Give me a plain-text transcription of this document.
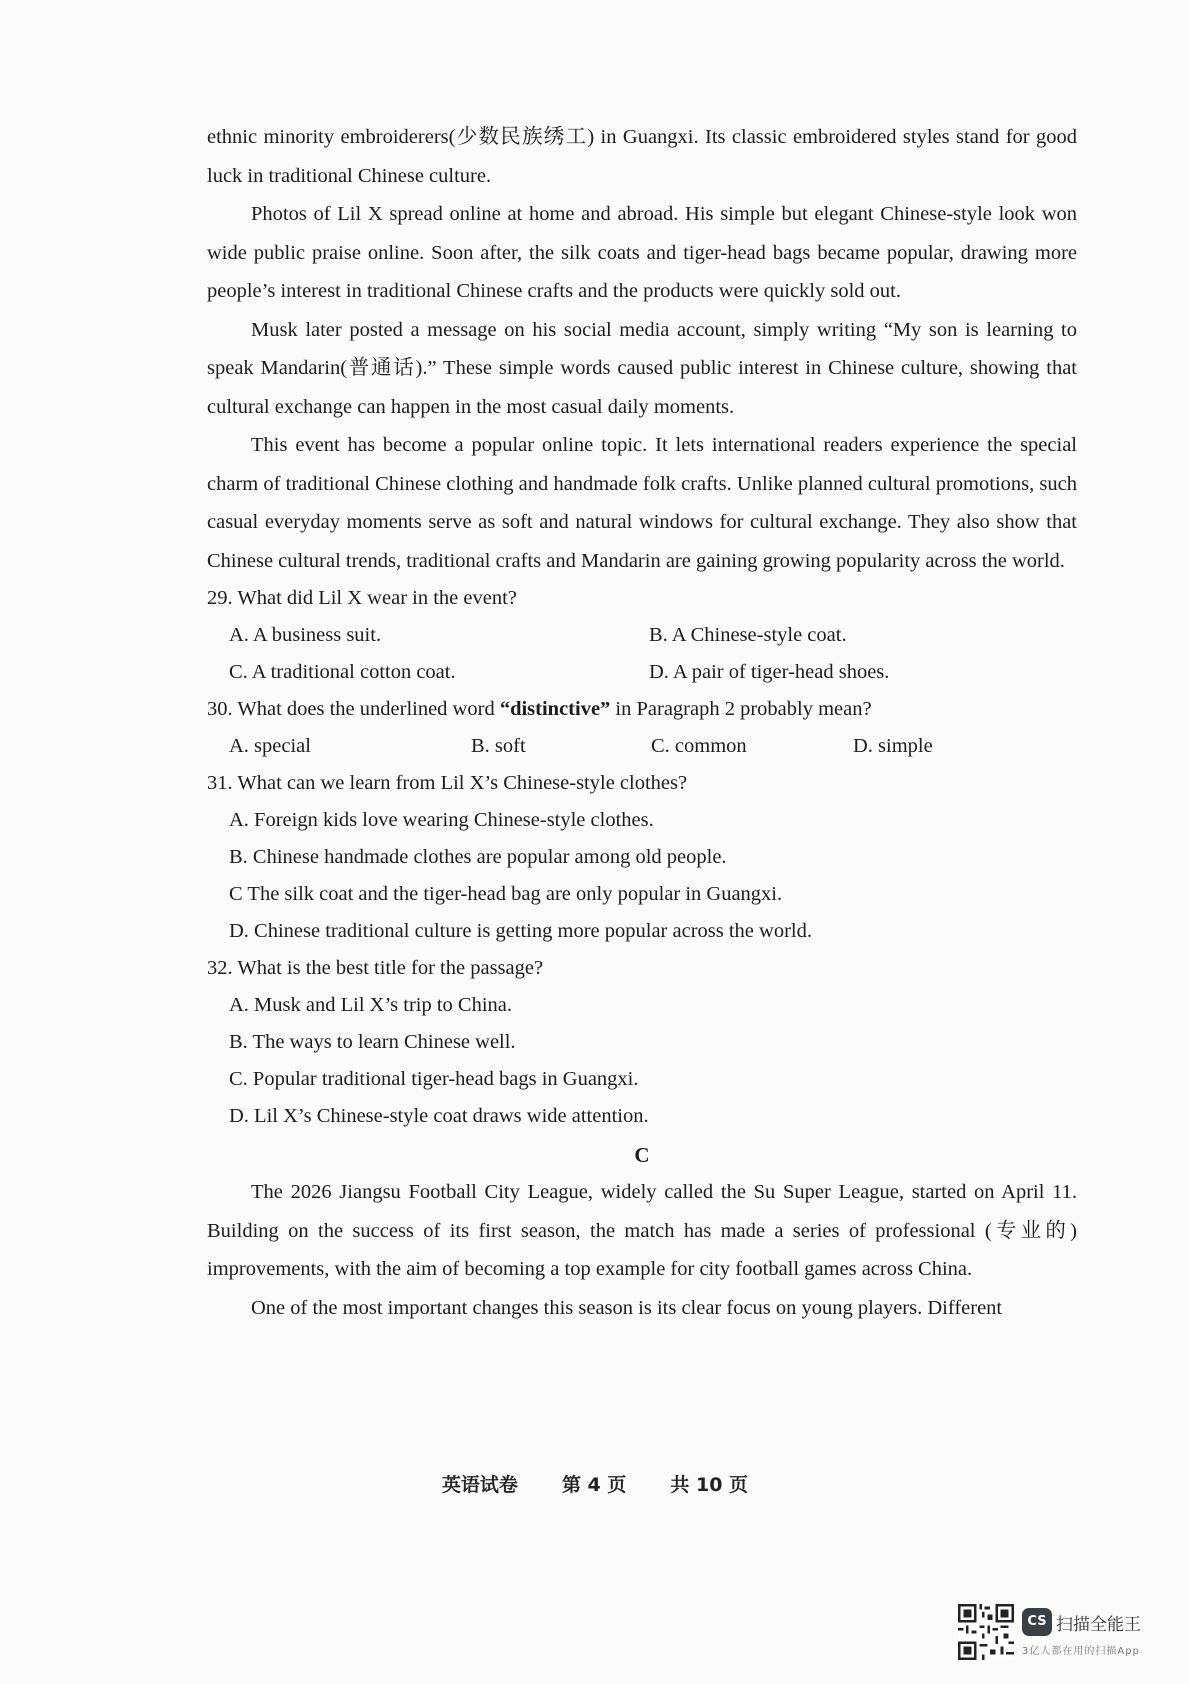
ethnic minority embroiderers(少数民族绣工) in Guangxi. Its classic embroidered styles stand for good luck in traditional Chinese culture.

Photos of Lil X spread online at home and abroad. His simple but elegant Chinese-style look won wide public praise online. Soon after, the silk coats and tiger-head bags became popular, drawing more people’s interest in traditional Chinese crafts and the products were quickly sold out.

Musk later posted a message on his social media account, simply writing “My son is learning to speak Mandarin(普通话).” These simple words caused public interest in Chinese culture, showing that cultural exchange can happen in the most casual daily moments.

This event has become a popular online topic. It lets international readers experience the special charm of traditional Chinese clothing and handmade folk crafts. Unlike planned cultural promotions, such casual everyday moments serve as soft and natural windows for cultural exchange. They also show that Chinese cultural trends, traditional crafts and Mandarin are gaining growing popularity across the world.

29. What did Lil X wear in the event?

A. A business suit.	B. A Chinese-style coat.
C. A traditional cotton coat.	D. A pair of tiger-head shoes.

30. What does the underlined word “distinctive” in Paragraph 2 probably mean?

A. special	B. soft	C. common	D. simple

31. What can we learn from Lil X’s Chinese-style clothes?

A. Foreign kids love wearing Chinese-style clothes.

B. Chinese handmade clothes are popular among old people.

C The silk coat and the tiger-head bag are only popular in Guangxi.

D. Chinese traditional culture is getting more popular across the world.

32. What is the best title for the passage?

A. Musk and Lil X’s trip to China.

B. The ways to learn Chinese well.

C. Popular traditional tiger-head bags in Guangxi.

D. Lil X’s Chinese-style coat draws wide attention.

C

The 2026 Jiangsu Football City League, widely called the Su Super League, started on April 11. Building on the success of its first season, the match has made a series of professional (专业的) improvements, with the aim of becoming a top example for city football games across China.

One of the most important changes this season is its clear focus on young players. Different

英语试卷 第 4 页 共 10 页
CS 扫描全能王
3亿人都在用的扫描App
